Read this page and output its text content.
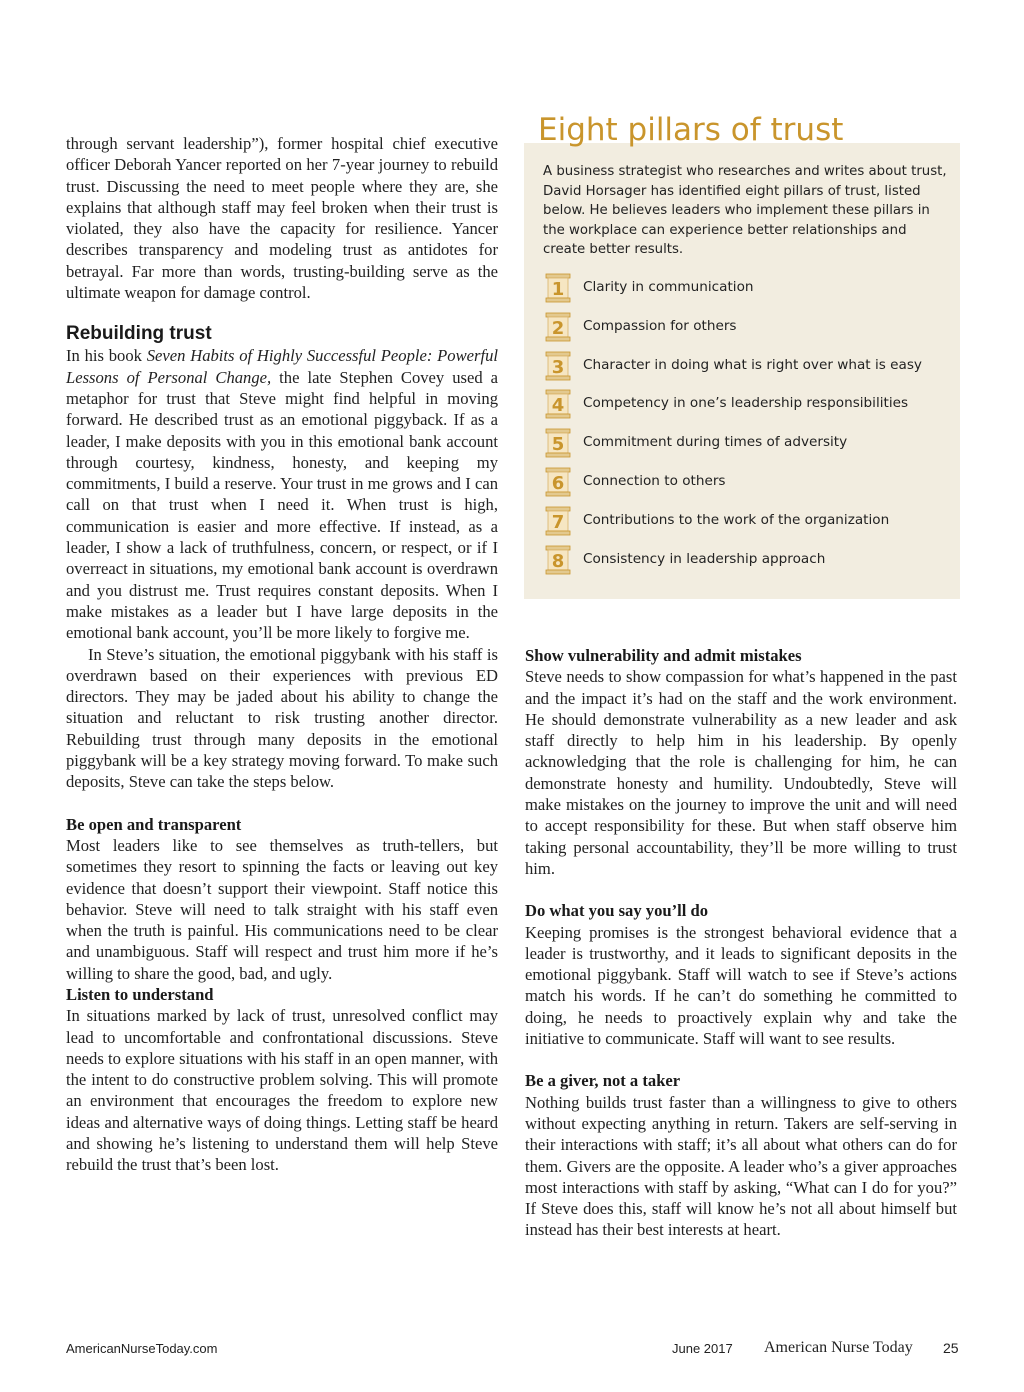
through servant leadership”), former hospital chief executive officer Deborah Yancer reported on her 7-year journey to rebuild trust. Discussing the need to meet people where they are, she explains that although staff may feel broken when their trust is violated, they also have the capacity for resilience. Yancer describes transparency and modeling trust as antidotes for betrayal. Far more than words, trusting-building serve as the ultimate weapon for damage control.

Rebuilding trust

In his book Seven Habits of Highly Successful People: Powerful Lessons of Personal Change, the late Stephen Covey used a metaphor for trust that Steve might find helpful in moving forward. He described trust as an emotional piggyback. If as a leader, I make deposits with you in this emotional bank account through courtesy, kindness, honesty, and keeping my commitments, I build a reserve. Your trust in me grows and I can call on that trust when I need it. When trust is high, communication is easier and more effective. If instead, as a leader, I show a lack of truthfulness, concern, or respect, or if I overreact in situations, my emotional bank account is overdrawn and you distrust me. Trust requires constant deposits. When I make mistakes as a leader but I have large deposits in the emotional bank account, you’ll be more likely to forgive me.

In Steve’s situation, the emotional piggybank with his staff is overdrawn based on their experiences with previous ED directors. They may be jaded about his ability to change the situation and reluctant to risk trusting another director. Rebuilding trust through many deposits in the emotional piggybank will be a key strategy moving forward. To make such deposits, Steve can take the steps below.

Be open and transparent

Most leaders like to see themselves as truth-tellers, but sometimes they resort to spinning the facts or leaving out key evidence that doesn’t support their viewpoint. Staff notice this behavior. Steve will need to talk straight with his staff even when the truth is painful. His communications need to be clear and unambiguous. Staff will respect and trust him more if he’s willing to share the good, bad, and ugly.

Listen to understand

In situations marked by lack of trust, unresolved conflict may lead to uncomfortable and confrontational discussions. Steve needs to explore situations with his staff in an open manner, with the intent to do constructive problem solving. This will promote an environment that encourages the freedom to explore new ideas and alternative ways of doing things. Letting staff be heard and showing he’s listening to understand them will help Steve rebuild the trust that’s been lost.

Eight pillars of trust
A business strategist who researches and writes about trust, David Horsager has identified eight pillars of trust, listed below. He believes leaders who implement these pillars in the workplace can experience better relationships and create better results.
1 Clarity in communication
2 Compassion for others
3 Character in doing what is right over what is easy
4 Competency in one’s leadership responsibilities
5 Commitment during times of adversity
6 Connection to others
7 Contributions to the work of the organization
8 Consistency in leadership approach

Show vulnerability and admit mistakes

Steve needs to show compassion for what’s happened in the past and the impact it’s had on the staff and the work environment. He should demonstrate vulnerability as a new leader and ask staff directly to help him in his leadership. By openly acknowledging that the role is challenging for him, he can demonstrate honesty and humility. Undoubtedly, Steve will make mistakes on the journey to improve the unit and will need to accept responsibility for these. But when staff observe him taking personal accountability, they’ll be more willing to trust him.

Do what you say you’ll do

Keeping promises is the strongest behavioral evidence that a leader is trustworthy, and it leads to significant deposits in the emotional piggybank. Staff will watch to see if Steve’s actions match his words. If he can’t do something he committed to doing, he needs to proactively explain why and take the initiative to communicate. Staff will want to see results.

Be a giver, not a taker

Nothing builds trust faster than a willingness to give to others without expecting anything in return. Takers are self-serving in their interactions with staff; it’s all about what others can do for them. Givers are the opposite. A leader who’s a giver approaches most interactions with staff by asking, “What can I do for you?” If Steve does this, staff will know he’s not all about himself but instead has their best interests at heart.

AmericanNurseToday.com	June 2017 American Nurse Today 25
